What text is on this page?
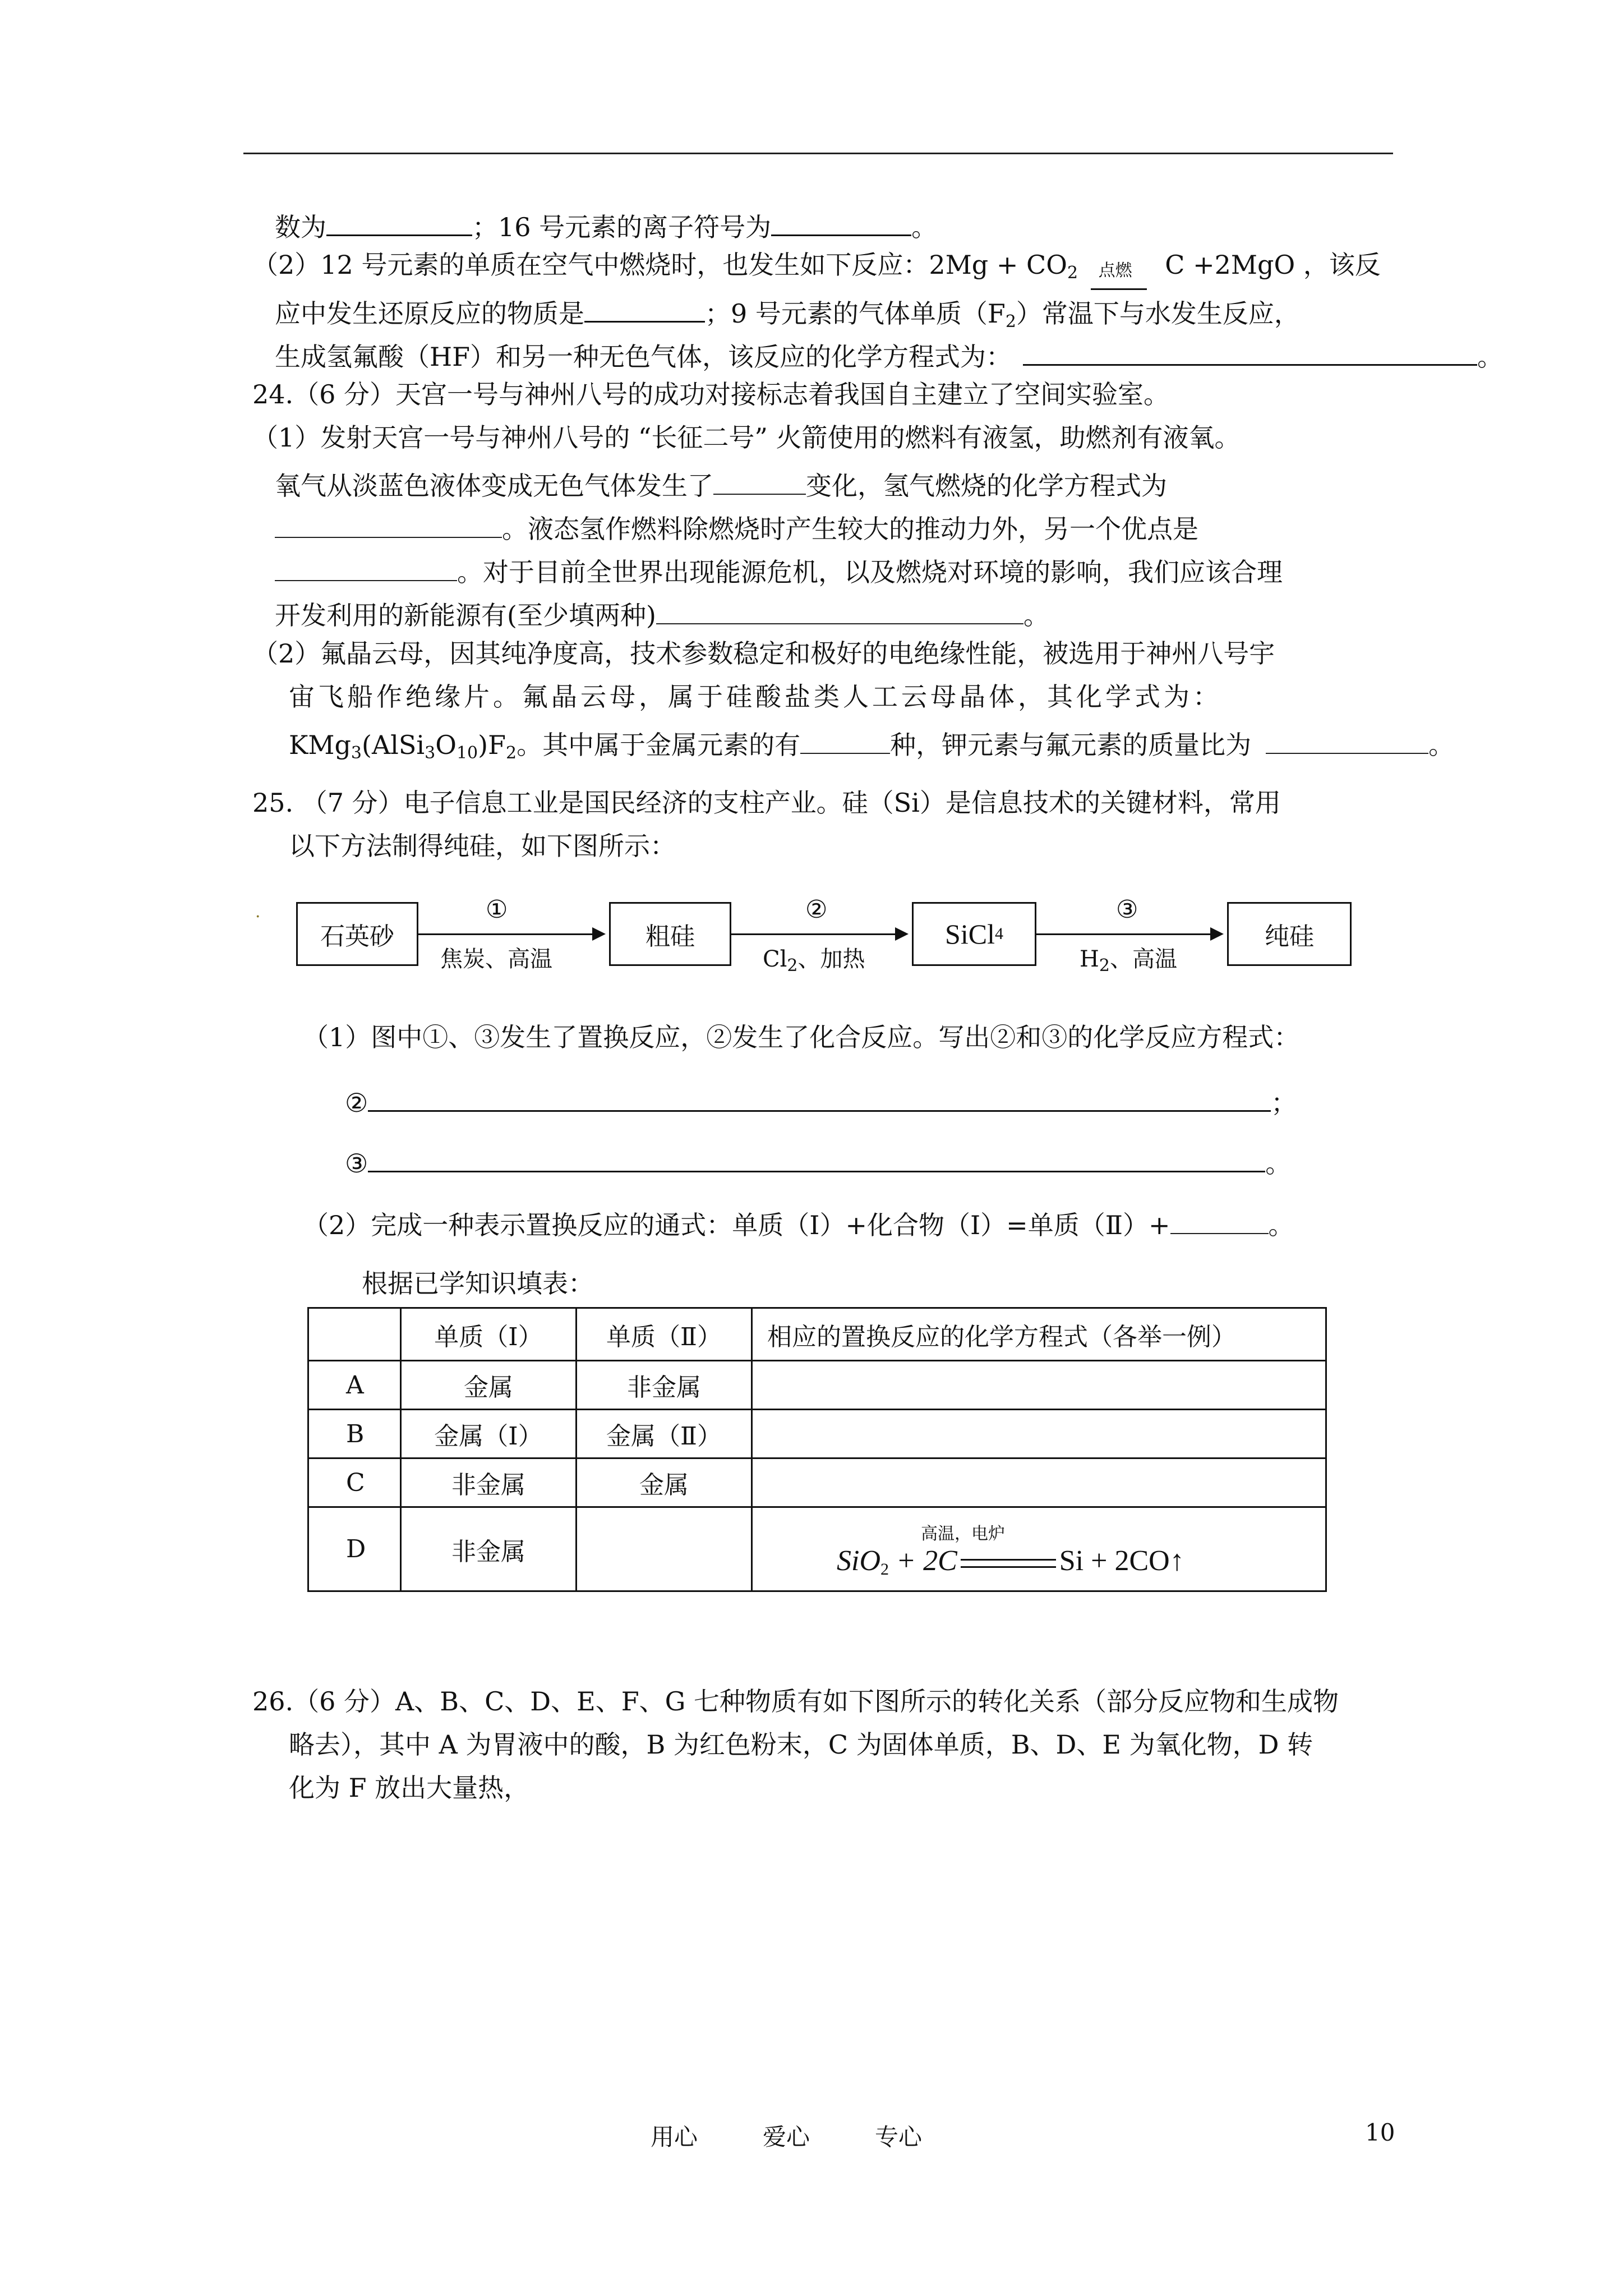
数为	；16 号元素的离子符号为	。
（2）12 号元素的单质在空气中燃烧时，也发生如下反应：$2Mg + CO_2$ 点燃 C +2MgO ，该反
应中发生还原反应的物质是	；9 号元素的气体单质$(F_2)$常温下与水发生反应，
生成氢氟酸（HF）和另一种无色气体，该反应的化学方程式为：	。
24.（6 分）天宫一号与神州八号的成功对接标志着我国自主建立了空间实验室。
（1）发射天宫一号与神州八号的 “长征二号” 火箭使用的燃料有液氢，助燃剂有液氧。
氧气从淡蓝色液体变成无色气体发生了	变化，氢气燃烧的化学方程式为
。液态氢作燃料除燃烧时产生较大的推动力外，另一个优点是
。对于目前全世界出现能源危机，以及燃烧对环境的影响，我们应该合理
开发利用的新能源有(至少填两种)	。
（2）氟晶云母，因其纯净度高，技术参数稳定和极好的电绝缘性能，被选用于神州八号宇
宙飞船作绝缘片。氟晶云母，属于硅酸盐类人工云母晶体，其化学式为：
$KMg_3(AlSi_3O_{10})F_2$。其中属于金属元素的有	种，钾元素与氟元素的质量比为	。
25. （7 分）电子信息工业是国民经济的支柱产业。硅（Si）是信息技术的关键材料，常用
以下方法制得纯硅，如下图所示：
·
石英砂
①
焦炭、高温
粗硅
②
$Cl_2$、加热
SiCl 4
③
$H_2$、高温
纯硅
（1）图中①、③发生了置换反应，②发生了化合反应。写出②和③的化学反应方程式：
②	；
③	。
（2）完成一种表示置换反应的通式：单质（Ⅰ）+化合物（Ⅰ）=单质（Ⅱ）+	。
根据已学知识填表：
	单质（Ⅰ）	单质（Ⅱ）	相应的置换反应的化学方程式（各举一例）
A	金属	非金属	
B	金属（Ⅰ）	金属（Ⅱ）	
C	非金属	金属	
D	非金属		高温，电炉
SiO$_2$ + 2C Si + 2CO↑
26.（6 分）A、B、C、D、E、F、G 七种物质有如下图所示的转化关系（部分反应物和生成物
略去），其中 A 为胃液中的酸，B 为红色粉末，C 为固体单质，B、D、E 为氧化物，D 转
化为 F 放出大量热，
用心	爱心	专心	10
